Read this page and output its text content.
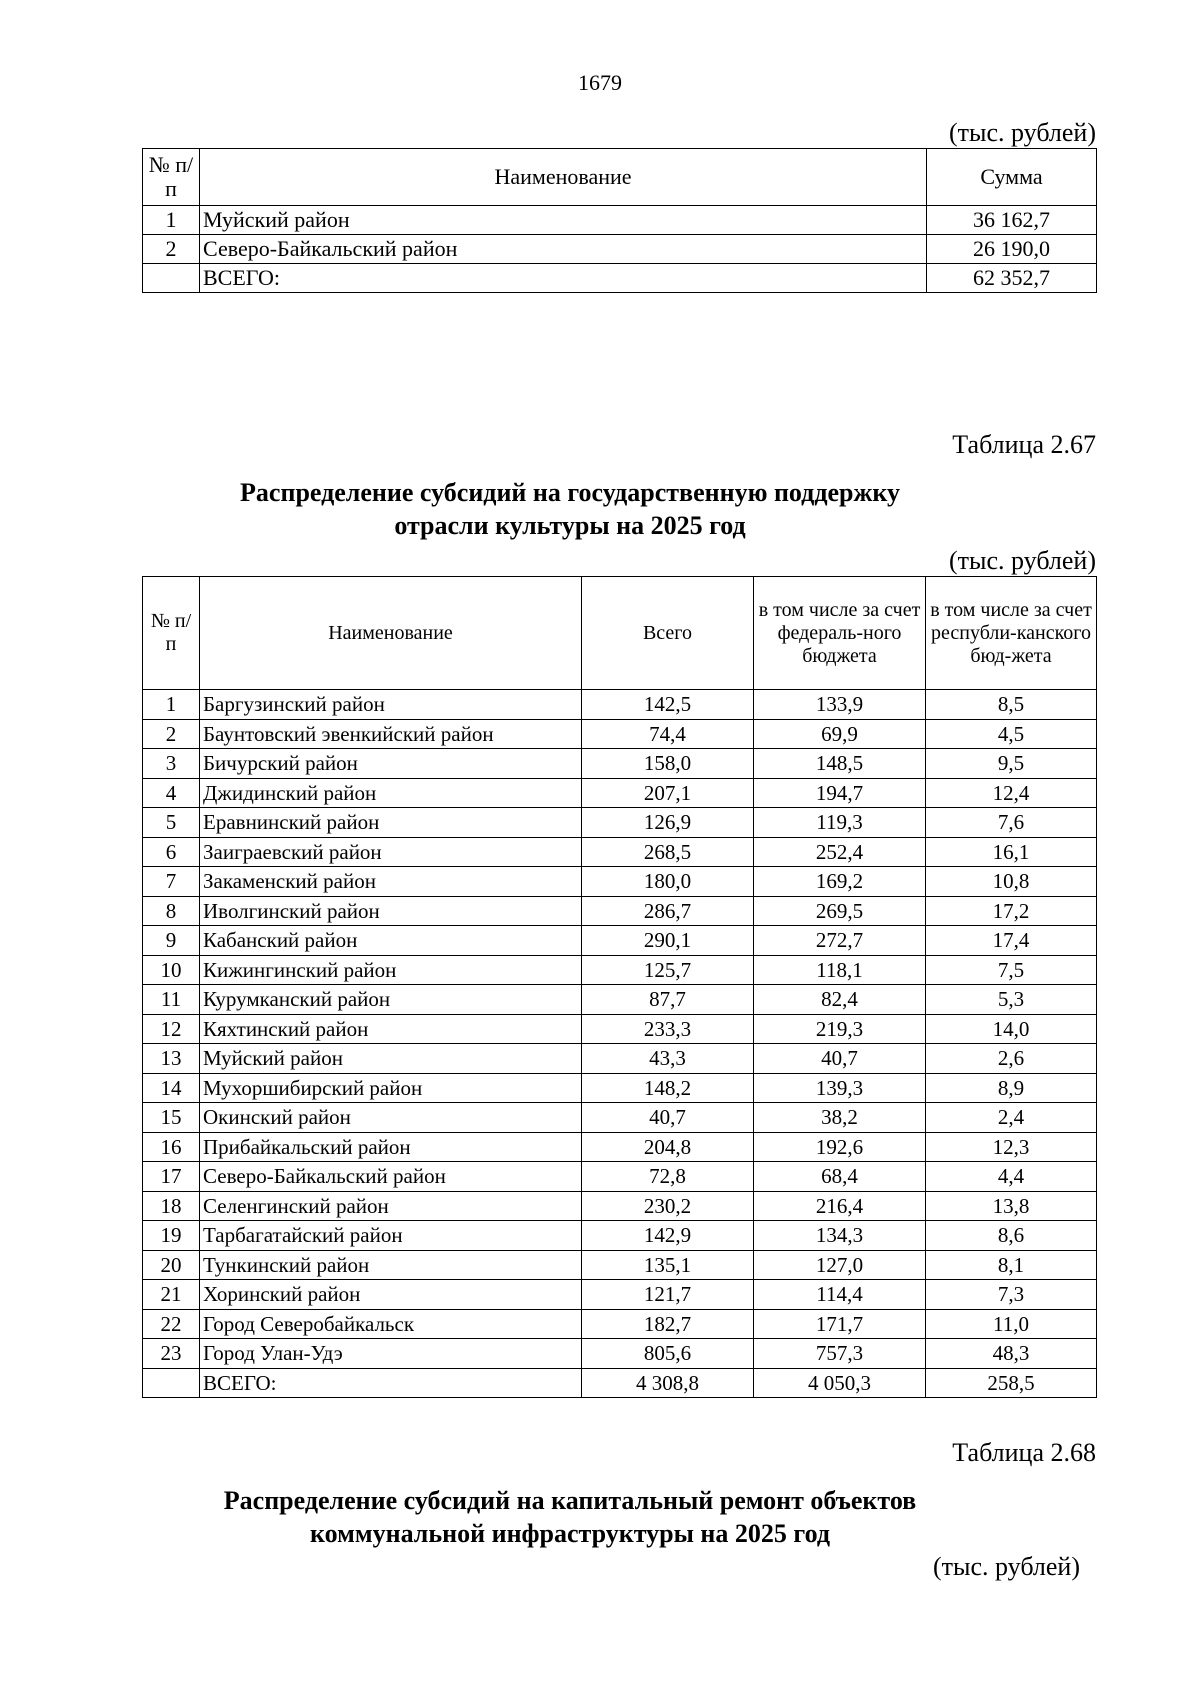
1679
(тыс. рублей)
№ п/п	Наименование	Сумма
1	Муйский район	36 162,7
2	Северо-Байкальский район	26 190,0
	ВСЕГО:	62 352,7
Таблица 2.67
Распределение субсидий на государственную поддержку
отрасли культуры на 2025 год
(тыс. рублей)
№ п/п	Наименование	Всего	в том числе за счет федераль-ного бюджета	в том числе за счет республи-канского бюд-жета
1	Баргузинский район	142,5	133,9	8,5
2	Баунтовский эвенкийский район	74,4	69,9	4,5
3	Бичурский район	158,0	148,5	9,5
4	Джидинский район	207,1	194,7	12,4
5	Еравнинский район	126,9	119,3	7,6
6	Заиграевский район	268,5	252,4	16,1
7	Закаменский район	180,0	169,2	10,8
8	Иволгинский район	286,7	269,5	17,2
9	Кабанский район	290,1	272,7	17,4
10	Кижингинский район	125,7	118,1	7,5
11	Курумканский район	87,7	82,4	5,3
12	Кяхтинский район	233,3	219,3	14,0
13	Муйский район	43,3	40,7	2,6
14	Мухоршибирский район	148,2	139,3	8,9
15	Окинский район	40,7	38,2	2,4
16	Прибайкальский район	204,8	192,6	12,3
17	Северо-Байкальский район	72,8	68,4	4,4
18	Селенгинский район	230,2	216,4	13,8
19	Тарбагатайский район	142,9	134,3	8,6
20	Тункинский район	135,1	127,0	8,1
21	Хоринский район	121,7	114,4	7,3
22	Город Северобайкальск	182,7	171,7	11,0
23	Город Улан-Удэ	805,6	757,3	48,3
	ВСЕГО:	4 308,8	4 050,3	258,5
Таблица 2.68
Распределение субсидий на капитальный ремонт объектов
коммунальной инфраструктуры на 2025 год
(тыс. рублей)
